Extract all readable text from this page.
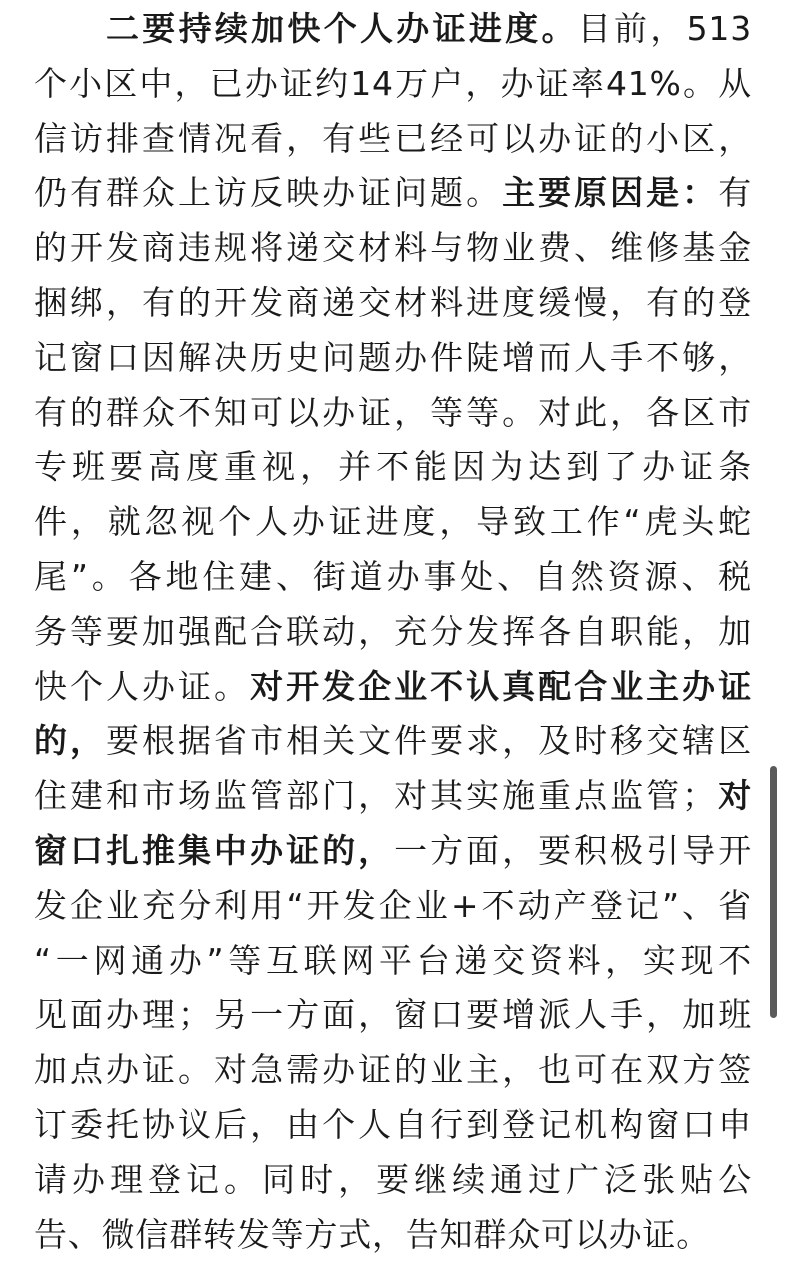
二要持续加快个人办证进度。目前，513
个小区中，已办证约14万户，办证率41%。从
信访排查情况看，有些已经可以办证的小区，
仍有群众上访反映办证问题。主要原因是：有
的开发商违规将递交材料与物业费、维修基金
捆绑，有的开发商递交材料进度缓慢，有的登
记窗口因解决历史问题办件陡增而人手不够，
有的群众不知可以办证，等等。对此，各区市
专班要高度重视，并不能因为达到了办证条
件，就忽视个人办证进度，导致工作“虎头蛇
尾”。各地住建、街道办事处、自然资源、税
务等要加强配合联动，充分发挥各自职能，加
快个人办证。对开发企业不认真配合业主办证
的，要根据省市相关文件要求，及时移交辖区
住建和市场监管部门，对其实施重点监管；对
窗口扎推集中办证的，一方面，要积极引导开
发企业充分利用“开发企业+不动产登记”、省
“一网通办”等互联网平台递交资料，实现不
见面办理；另一方面，窗口要增派人手，加班
加点办证。对急需办证的业主，也可在双方签
订委托协议后，由个人自行到登记机构窗口申
请办理登记。同时，要继续通过广泛张贴公
告、微信群转发等方式，告知群众可以办证。
